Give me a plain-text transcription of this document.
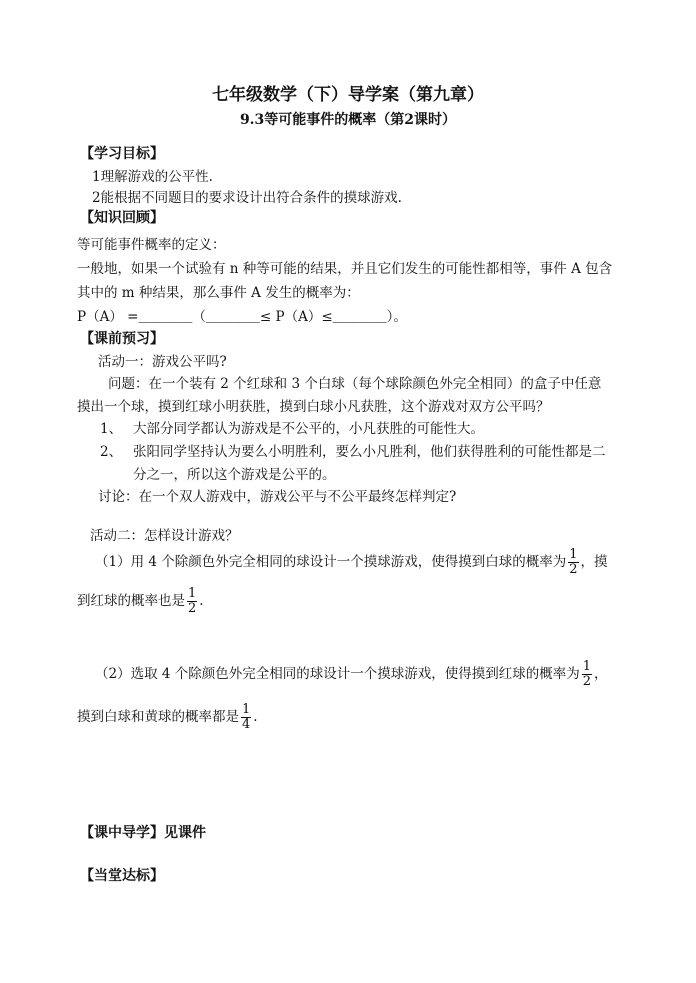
七年级数学（下）导学案（第九章）
9.3等可能事件的概率（第2课时）
【学习目标】
1理解游戏的公平性.
2能根据不同题目的要求设计出符合条件的摸球游戏.
【知识回顾】
等可能事件概率的定义：
一般地，如果一个试验有 n 种等可能的结果，并且它们发生的可能性都相等，事件 A 包含
其中的 m 种结果，那么事件 A 发生的概率为：
P（A） =＿＿＿＿（＿＿＿＿≤ P（A）≤＿＿＿＿）。
【课前预习】
活动一：游戏公平吗?
问题：在一个装有 2 个红球和 3 个白球（每个球除颜色外完全相同）的盒子中任意
摸出一个球，摸到红球小明获胜，摸到白球小凡获胜，这个游戏对双方公平吗？
1、 大部分同学都认为游戏是不公平的，小凡获胜的可能性大。
2、 张阳同学坚持认为要么小明胜利，要么小凡胜利，他们获得胜利的可能性都是二
分之一，所以这个游戏是公平的。
讨论：在一个双人游戏中，游戏公平与不公平最终怎样判定?
活动二：怎样设计游戏？
（1）用 4 个除颜色外完全相同的球设计一个摸球游戏，使得摸到白球的概率为 $\frac{1}{2}$ ，摸
到红球的概率也是 $\frac{1}{2}$ .
（2）选取 4 个除颜色外完全相同的球设计一个摸球游戏，使得摸到红球的概率为 $\frac{1}{2}$ ，
摸到白球和黄球的概率都是 $\frac{1}{4}$ .
【课中导学】见课件
【当堂达标】
